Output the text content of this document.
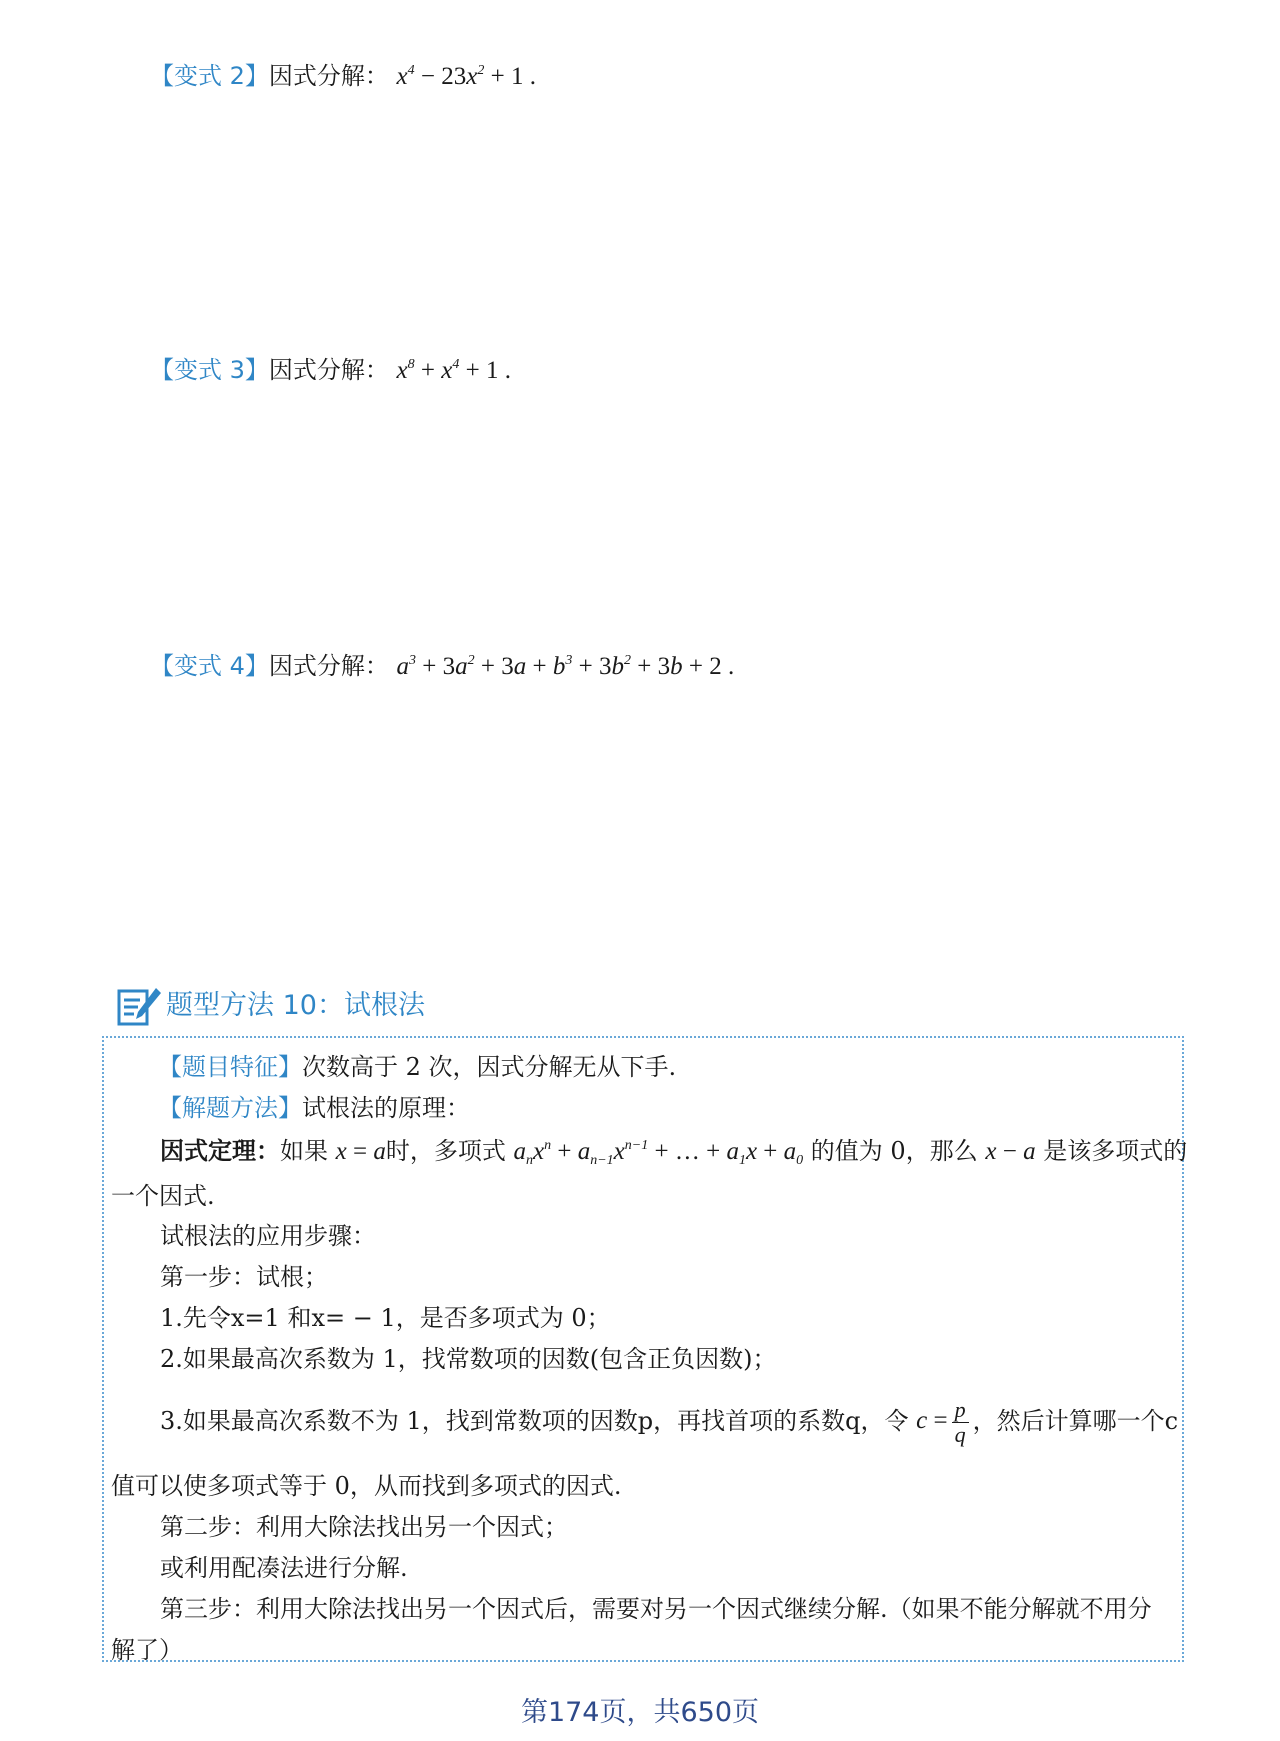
【变式 2】因式分解： $x^4 - 23x^2 + 1$ .
【变式 3】因式分解： $x^8 + x^4 + 1$ .
【变式 4】因式分解： $a^3 + 3a^2 + 3a + b^3 + 3b^2 + 3b + 2$ .
题型方法 10：试根法
【题目特征】次数高于 2 次，因式分解无从下手.
【解题方法】试根法的原理：
因式定理：如果 x = a时，多项式 $a_nx^n + a_{n-1}x^{n-1}$ + … + $a_1x + a_0$ 的值为 0，那么 x − a 是该多项式的
一个因式.
试根法的应用步骤：
第一步：试根；
1.先令x=1 和x= − 1，是否多项式为 0；
2.如果最高次系数为 1，找常数项的因数(包含正负因数)；
3.如果最高次系数不为 1，找到常数项的因数p，再找首项的系数q，令 $c = \frac{p}{q}$ ，然后计算哪一个c
值可以使多项式等于 0，从而找到多项式的因式.
第二步：利用大除法找出另一个因式；
或利用配凑法进行分解.
第三步：利用大除法找出另一个因式后，需要对另一个因式继续分解.（如果不能分解就不用分
解了）
第174页，共650页
